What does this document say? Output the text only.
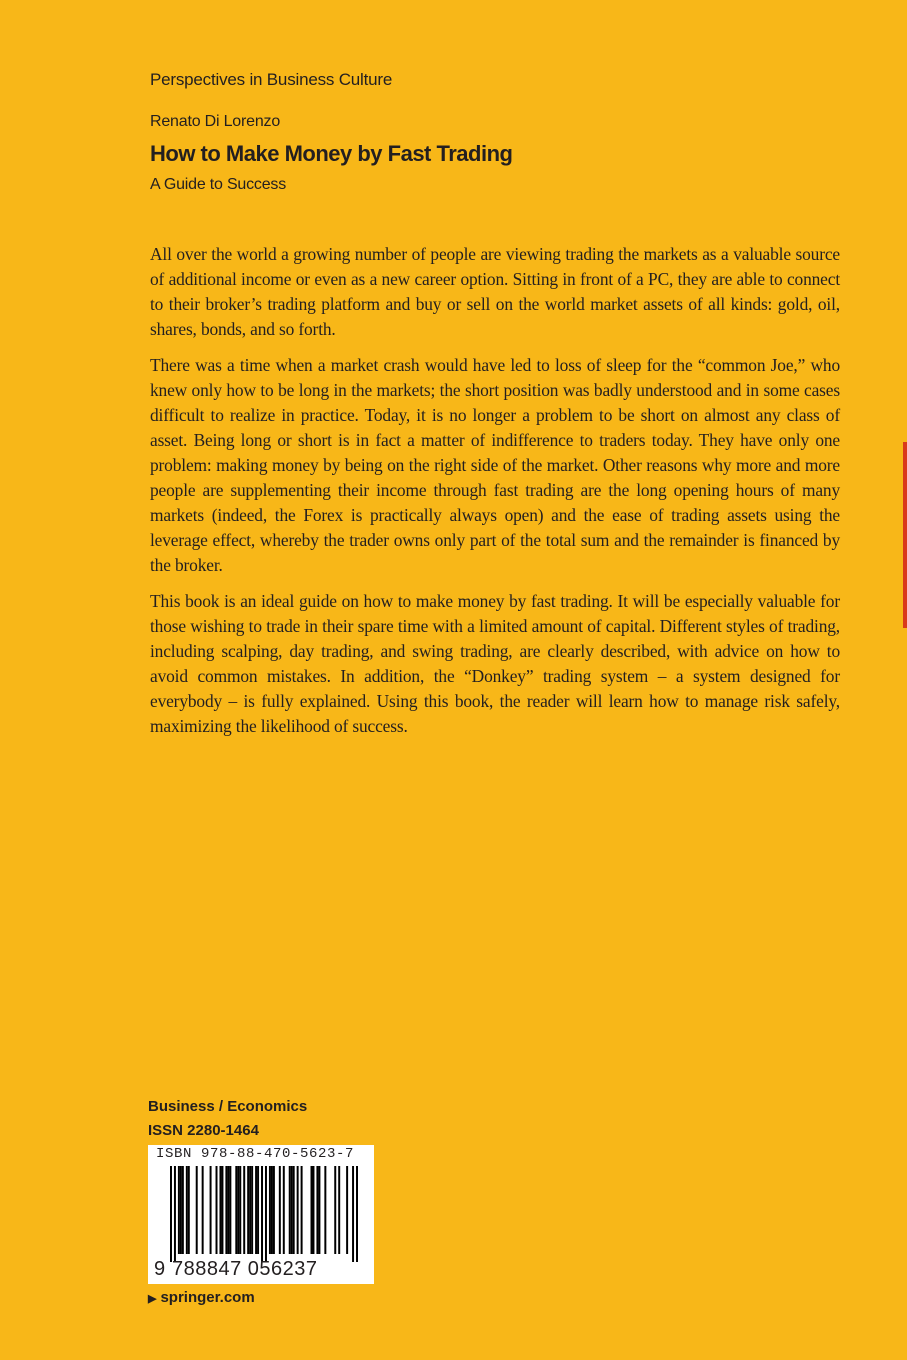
Perspectives in Business Culture
Renato Di Lorenzo
How to Make Money by Fast Trading
A Guide to Success

All over the world a growing number of people are viewing trading the markets as a valuable source of additional income or even as a new career option. Sitting in front of a PC, they are able to connect to their broker’s trading platform and buy or sell on the world market assets of all kinds: gold, oil, shares, bonds, and so forth.

There was a time when a market crash would have led to loss of sleep for the “common Joe,” who knew only how to be long in the markets; the short position was badly understood and in some cases difficult to realize in practice. Today, it is no longer a problem to be short on almost any class of asset. Being long or short is in fact a matter of indifference to traders today. They have only one problem: making money by being on the right side of the market. Other reasons why more and more people are supplementing their income through fast trading are the long opening hours of many markets (indeed, the Forex is practically always open) and the ease of trading assets using the leverage effect, whereby the trader owns only part of the total sum and the remainder is financed by the broker.

This book is an ideal guide on how to make money by fast trading. It will be especially valuable for those wishing to trade in their spare time with a limited amount of capital. Different styles of trading, including scalping, day trading, and swing trading, are clearly described, with advice on how to avoid common mistakes. In addition, the “Donkey” trading system – a system designed for everybody – is fully explained. Using this book, the reader will learn how to manage risk safely, maximizing the likelihood of success.

Business / Economics
ISSN 2280-1464
ISBN 978-88-470-5623-7
9 788847 056237
▶ springer.com
